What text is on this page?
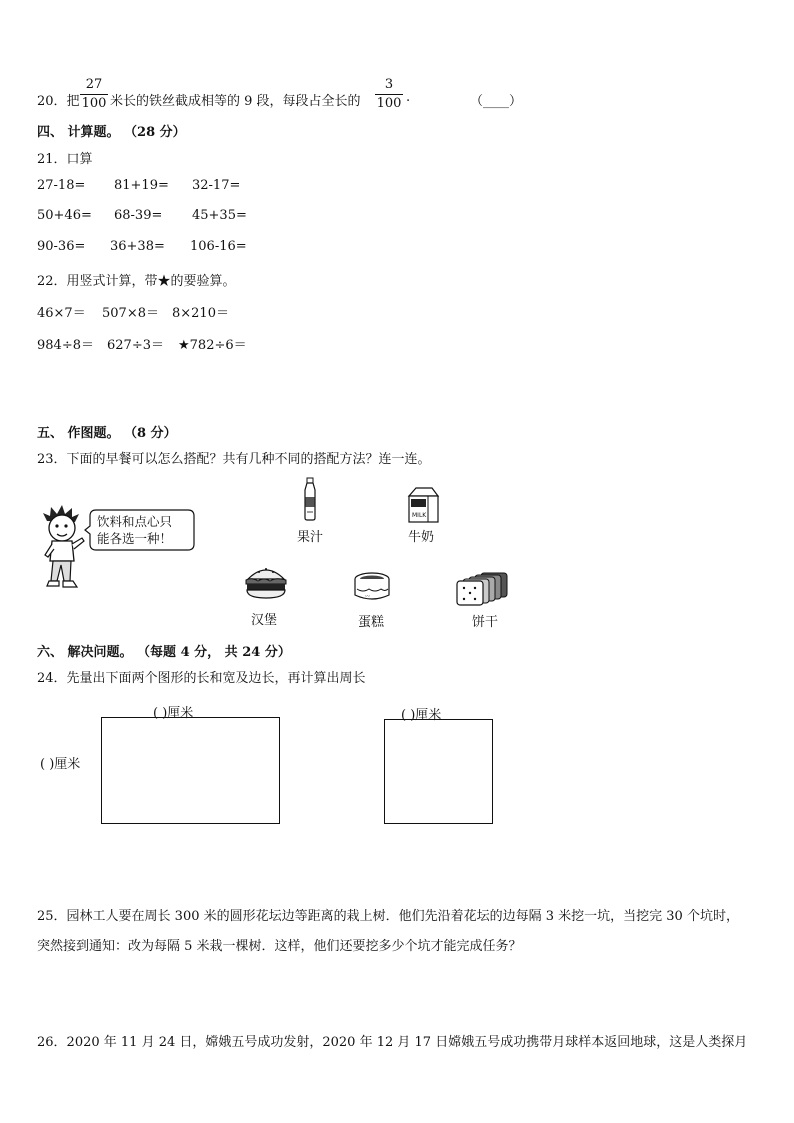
20．把
27
100 米长的铁丝截成相等的 9 段，每段占全长的
3
100 .	（____）
四、 计算题。 （28 分）
21．口算
27-18= 81+19= 32-17=
50+46= 68-39= 45+35=
90-36= 36+38= 106-16=
22．用竖式计算，带★的要验算。
46×7＝ 507×8＝ 8×210＝
984÷8＝ 627÷3＝ ★782÷6＝
五、 作图题。 （8 分）
23．下面的早餐可以怎么搭配？共有几种不同的搭配方法？连一连。
饮料和点心只
能各选一种！	果汁
MILK
牛奶
汉堡
〰
蛋糕	饼干
六、 解决问题。 （每题 4 分， 共 24 分）
24．先量出下面两个图形的长和宽及边长，再计算出周长
( )厘米
( )厘米
( )厘米
25．园林工人要在周长 300 米的圆形花坛边等距离的栽上树．他们先沿着花坛的边每隔 3 米挖一坑，当挖完 30 个坑时，
突然接到通知：改为每隔 5 米栽一棵树．这样，他们还要挖多少个坑才能完成任务？
26．2020 年 11 月 24 日，嫦娥五号成功发射，2020 年 12 月 17 日嫦娥五号成功携带月球样本返回地球，这是人类探月
